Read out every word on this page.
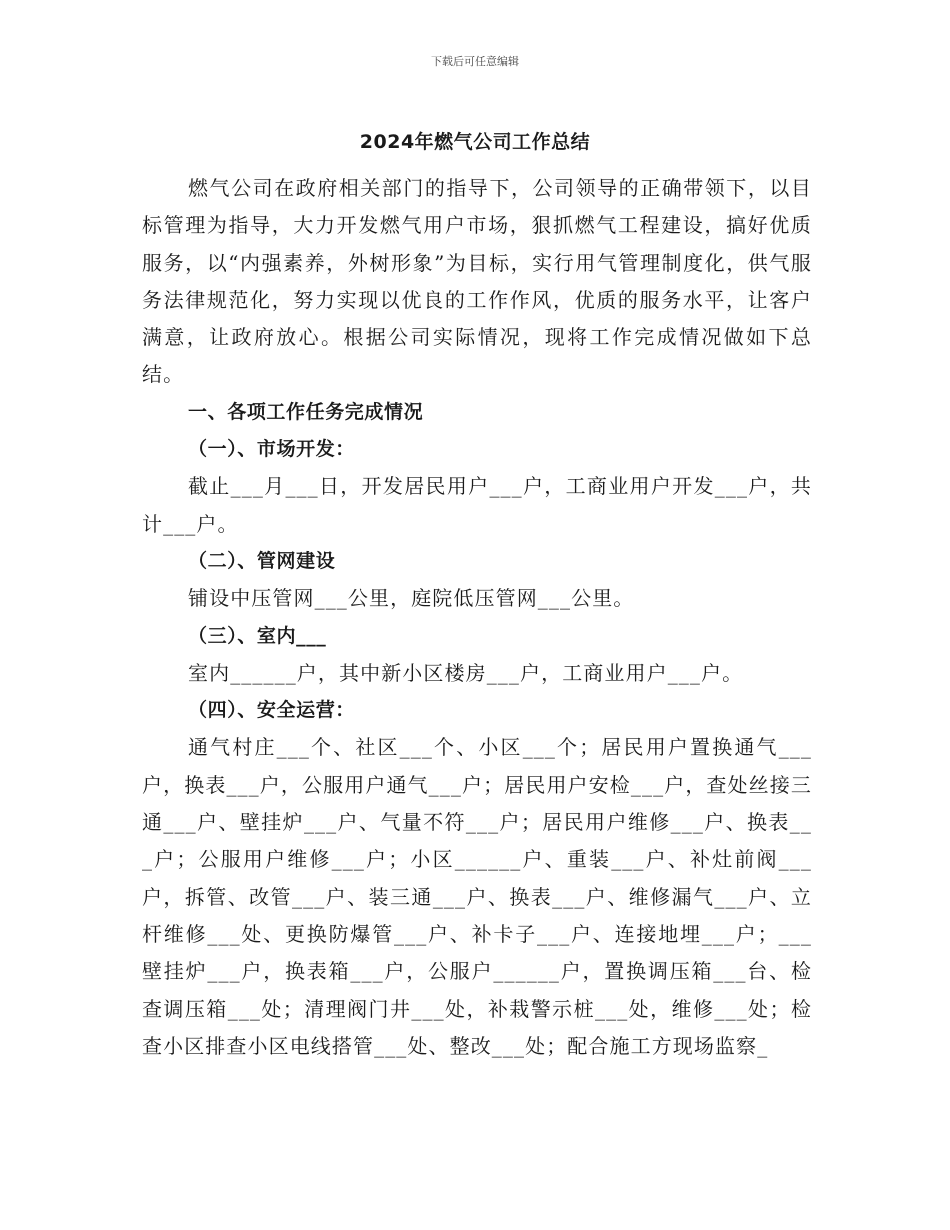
下载后可任意编辑
2024年燃气公司工作总结

燃气公司在政府相关部门的指导下，公司领导的正确带领下，以目标管理为指导，大力开发燃气用户市场，狠抓燃气工程建设，搞好优质服务，以“内强素养，外树形象”为目标，实行用气管理制度化，供气服务法律规范化，努力实现以优良的工作作风，优质的服务水平，让客户满意，让政府放心。根据公司实际情况，现将工作完成情况做如下总结。

一、各项工作任务完成情况

（一）、市场开发：

截止___月___日，开发居民用户___户，工商业用户开发___户，共计___户。

（二）、管网建设

铺设中压管网___公里，庭院低压管网___公里。

（三）、室内___

室内______户，其中新小区楼房___户，工商业用户___户。

（四）、安全运营：

通气村庄___个、社区___个、小区___个；居民用户置换通气___户，换表___户，公服用户通气___户；居民用户安检___户，查处丝接三通___户、壁挂炉___户、气量不符___户；居民用户维修___户、换表___户；公服用户维修___户；小区______户、重装___户、补灶前阀___户，拆管、改管___户、装三通___户、换表___户、维修漏气___户、立杆维修___处、更换防爆管___户、补卡子___户、连接地埋___户；___壁挂炉___户，换表箱___户，公服户______户，置换调压箱___台、检查调压箱___处；清理阀门井___处，补栽警示桩___处，维修___处；检查小区排查小区电线搭管___处、整改___处；配合施工方现场监察_
